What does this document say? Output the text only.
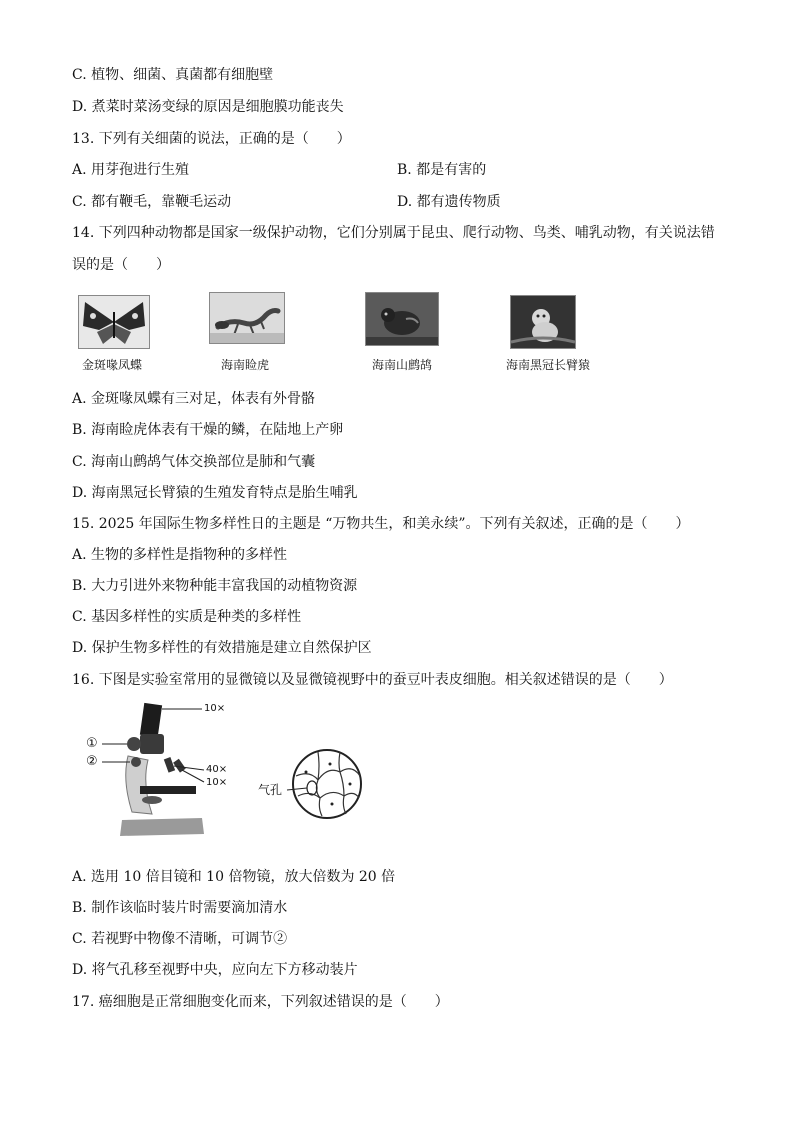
C. 植物、细菌、真菌都有细胞壁
D. 煮菜时菜汤变绿的原因是细胞膜功能丧失
13. 下列有关细菌的说法，正确的是（　　）
A. 用芽孢进行生殖	B. 都是有害的
C. 都有鞭毛，靠鞭毛运动	D. 都有遗传物质
14. 下列四种动物都是国家一级保护动物，它们分别属于昆虫、爬行动物、鸟类、哺乳动物，有关说法错
误的是（　　）
金斑喙凤蝶	海南睑虎	海南山鹧鸪	海南黑冠长臂猿
A. 金斑喙凤蝶有三对足，体表有外骨骼
B. 海南睑虎体表有干燥的鳞，在陆地上产卵
C. 海南山鹧鸪气体交换部位是肺和气囊
D. 海南黑冠长臂猿的生殖发育特点是胎生哺乳
15. 2025 年国际生物多样性日的主题是 “万物共生，和美永续”。下列有关叙述，正确的是（　　）
A. 生物的多样性是指物种的多样性
B. 大力引进外来物种能丰富我国的动植物资源
C. 基因多样性的实质是种类的多样性
D. 保护生物多样性的有效措施是建立自然保护区
16. 下图是实验室常用的显微镜以及显微镜视野中的蚕豆叶表皮细胞。相关叙述错误的是（　　）
10×
①
②
40×
10×
气孔
A. 选用 10 倍目镜和 10 倍物镜，放大倍数为 20 倍
B. 制作该临时装片时需要滴加清水
C. 若视野中物像不清晰，可调节②
D. 将气孔移至视野中央，应向左下方移动装片
17. 癌细胞是正常细胞变化而来，下列叙述错误的是（　　）
